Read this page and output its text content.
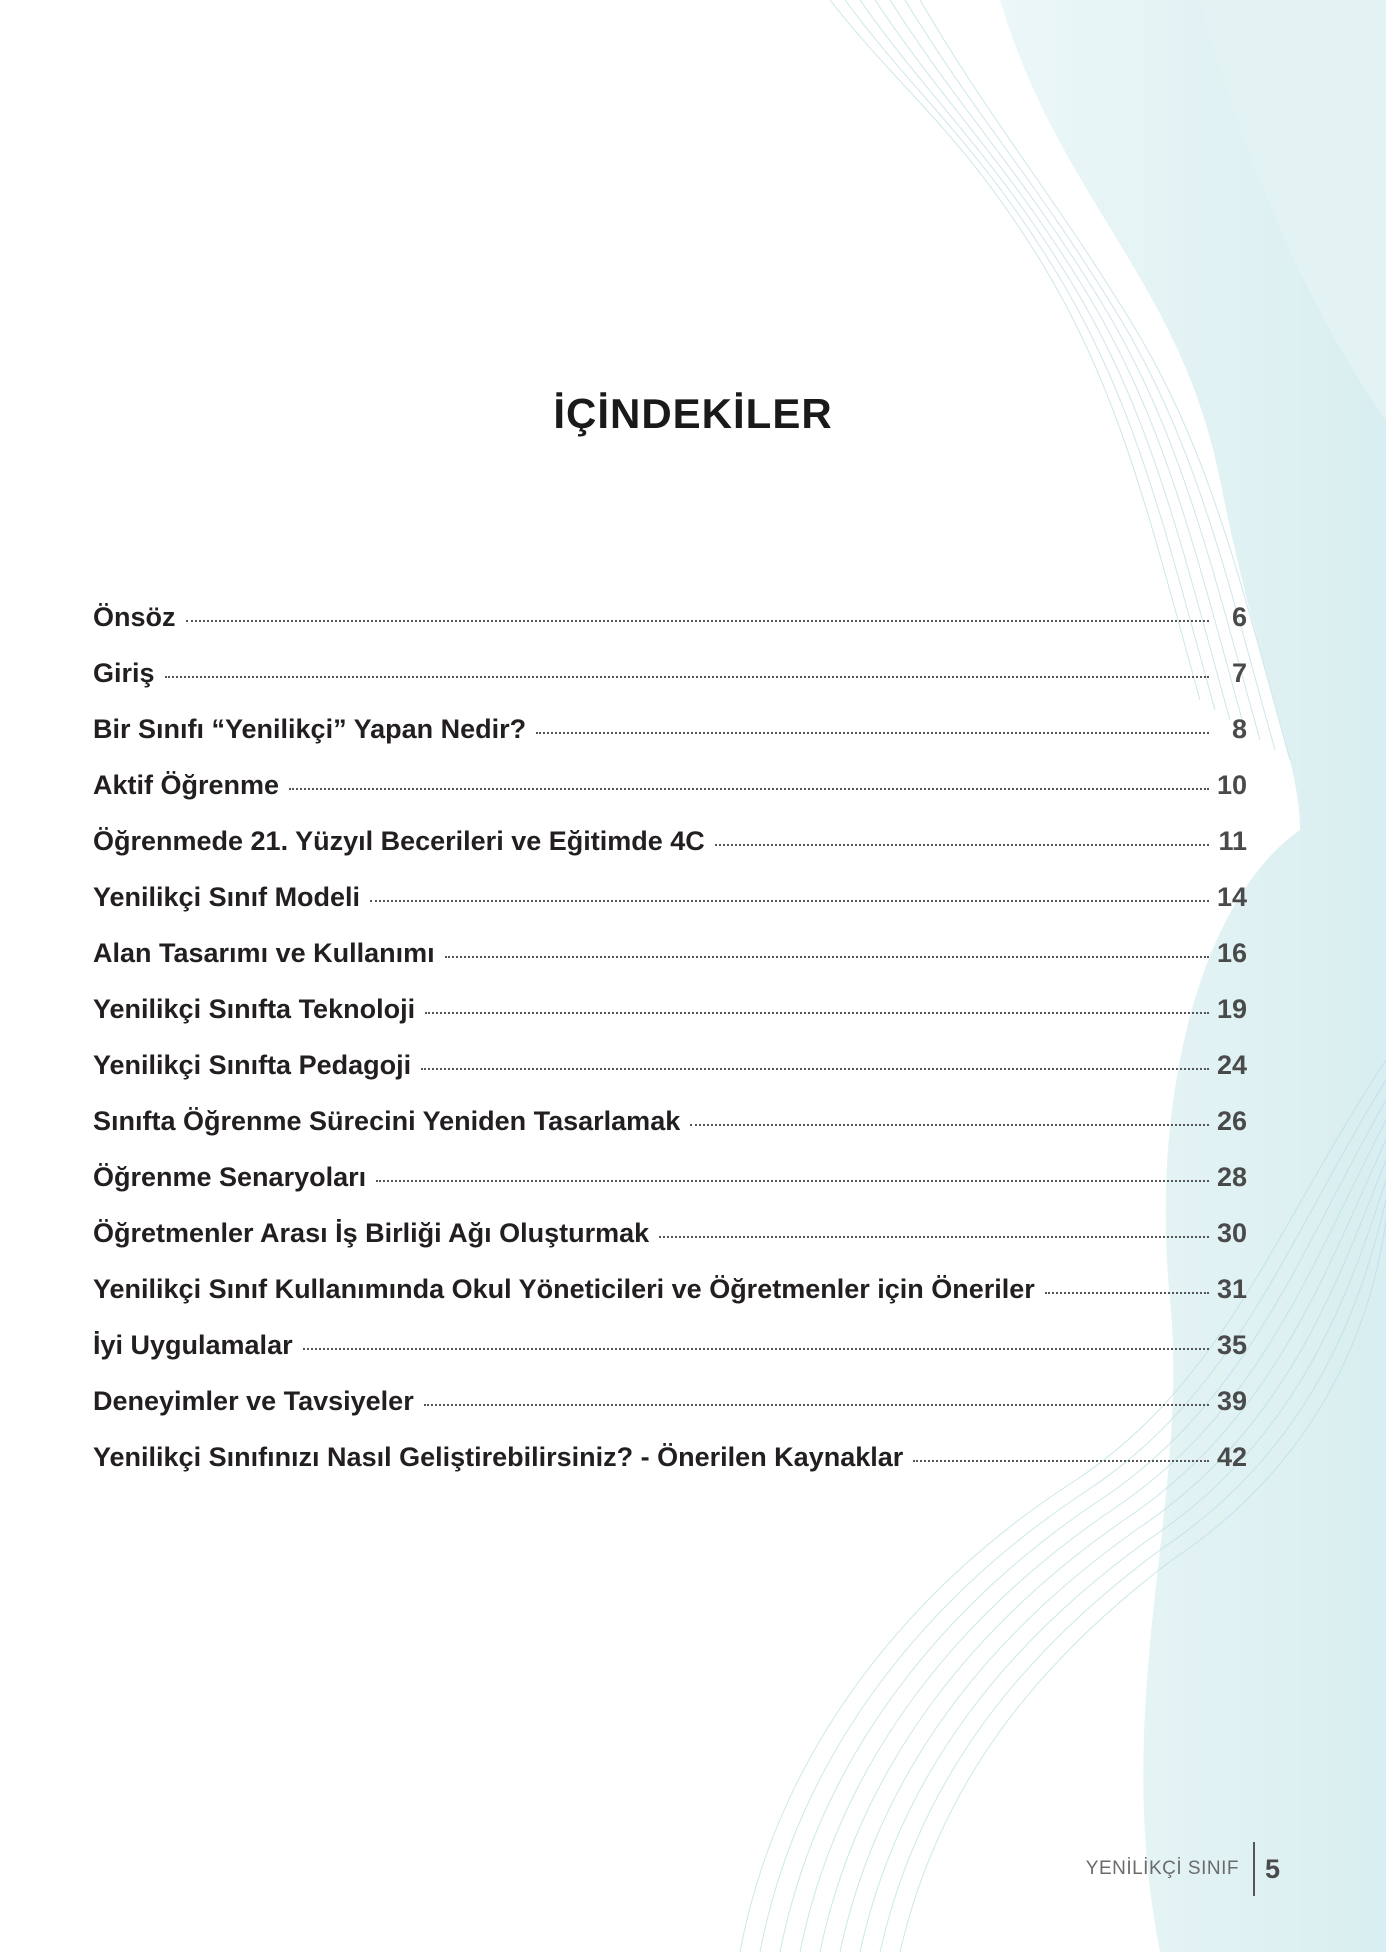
İÇİNDEKİLER
Önsöz	6
Giriş	7
Bir Sınıfı “Yenilikçi” Yapan Nedir?	8
Aktif Öğrenme	10
Öğrenmede 21. Yüzyıl Becerileri ve Eğitimde 4C	11
Yenilikçi Sınıf Modeli	14
Alan Tasarımı ve Kullanımı	16
Yenilikçi Sınıfta Teknoloji	19
Yenilikçi Sınıfta Pedagoji	24
Sınıfta Öğrenme Sürecini Yeniden Tasarlamak	26
Öğrenme Senaryoları	28
Öğretmenler Arası İş Birliği Ağı Oluşturmak	30
Yenilikçi Sınıf Kullanımında Okul Yöneticileri ve Öğretmenler için Öneriler	31
İyi Uygulamalar	35
Deneyimler ve Tavsiyeler	39
Yenilikçi Sınıfınızı Nasıl Geliştirebilirsiniz? - Önerilen Kaynaklar	42
YENİLİKÇİ SINIF 5
